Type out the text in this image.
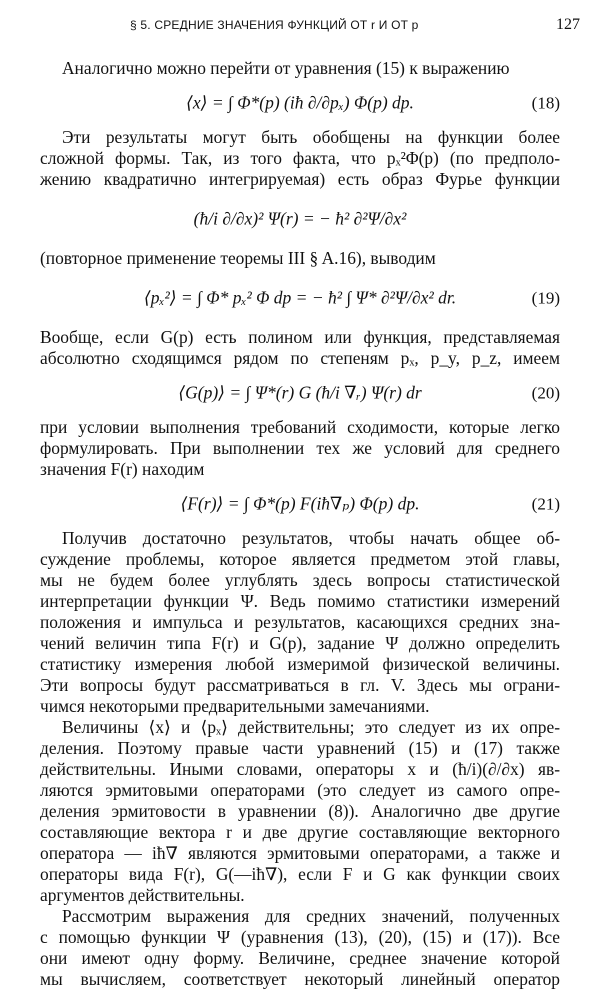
§ 5. СРЕДНИЕ ЗНАЧЕНИЯ ФУНКЦИЙ ОТ r И ОТ p	127

Аналогично можно перейти от уравнения (15) к выражению

⟨x⟩ = ∫ Φ*(p) (iħ ∂/∂pₓ) Φ(p) dp.	(18)

Эти результаты могут быть обобщены на функции более

сложной формы. Так, из того факта, что pₓ²Φ(p) (по предполо-

жению квадратично интегрируемая) есть образ Фурье функции

(ħ/i ∂/∂x)² Ψ(r) = − ħ² ∂²Ψ/∂x²

(повторное применение теоремы III § A.16), выводим

⟨pₓ²⟩ = ∫ Φ* pₓ² Φ dp = − ħ² ∫ Ψ* ∂²Ψ/∂x² dr.	(19)

Вообще, если G(p) есть полином или функция, представляемая

абсолютно сходящимся рядом по степеням pₓ, p_y, p_z, имеем

⟨G(p)⟩ = ∫ Ψ*(r) G (ħ/i ∇ᵣ) Ψ(r) dr	(20)

при условии выполнения требований сходимости, которые легко

формулировать. При выполнении тех же условий для среднего

значения F(r) находим

⟨F(r)⟩ = ∫ Φ*(p) F(iħ∇ₚ) Φ(p) dp.	(21)

Получив достаточно результатов, чтобы начать общее об-

суждение проблемы, которое является предметом этой главы,

мы не будем более углублять здесь вопросы статистической

интерпретации функции Ψ. Ведь помимо статистики измерений

положения и импульса и результатов, касающихся средних зна-

чений величин типа F(r) и G(p), задание Ψ должно определить

статистику измерения любой измеримой физической величины.

Эти вопросы будут рассматриваться в гл. V. Здесь мы ограни-

чимся некоторыми предварительными замечаниями.

Величины ⟨x⟩ и ⟨pₓ⟩ действительны; это следует из их опре-

деления. Поэтому правые части уравнений (15) и (17) также

действительны. Иными словами, операторы x и (ħ/i)(∂/∂x) яв-

ляются эрмитовыми операторами (это следует из самого опре-

деления эрмитовости в уравнении (8)). Аналогично две другие

составляющие вектора r и две другие составляющие векторного

оператора — iħ∇ являются эрмитовыми операторами, а также и

операторы вида F(r), G(—iħ∇), если F и G как функции своих

аргументов действительны.

Рассмотрим выражения для средних значений, полученных

с помощью функции Ψ (уравнения (13), (20), (15) и (17)). Все

они имеют одну форму. Величине, среднее значение которой

мы вычисляем, соответствует некоторый линейный оператор
